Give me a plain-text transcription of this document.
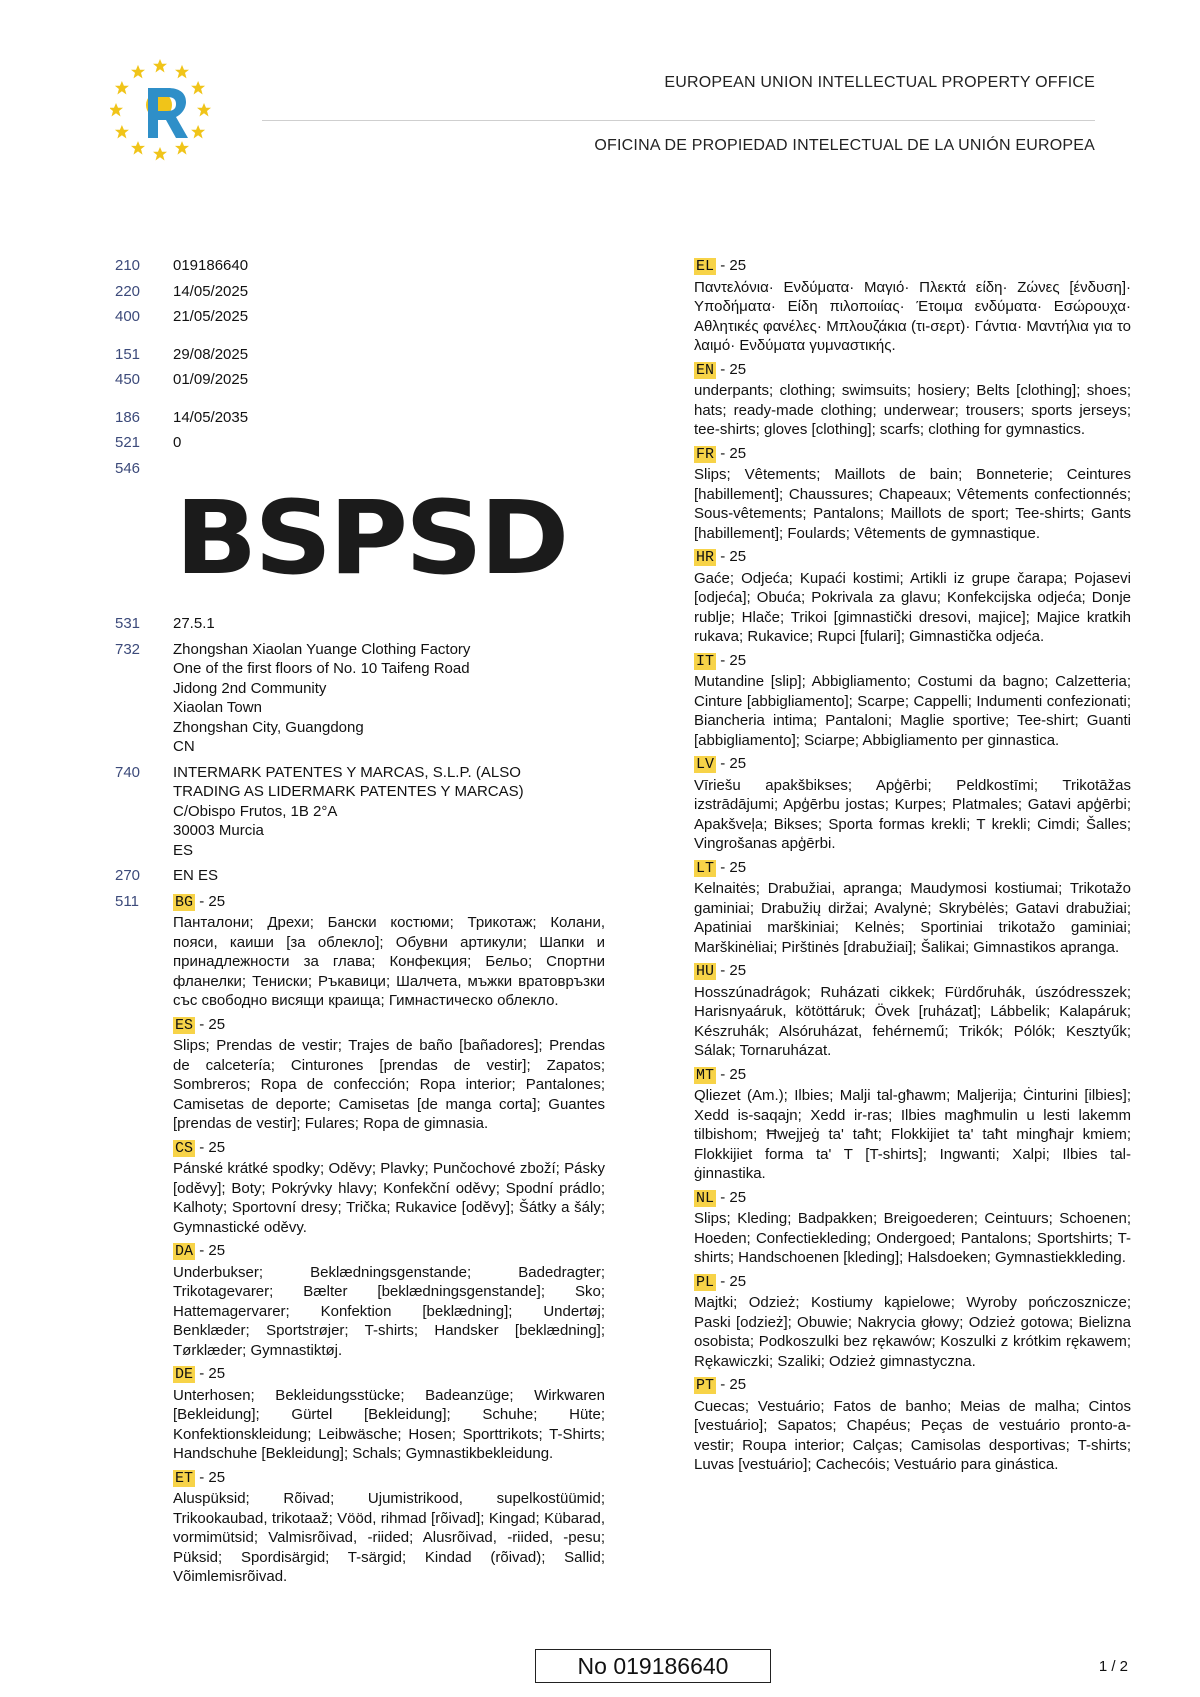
EUROPEAN UNION INTELLECTUAL PROPERTY OFFICE
OFICINA DE PROPIEDAD INTELECTUAL DE LA UNIÓN EUROPEA
210	019186640
220	14/05/2025
400	21/05/2025
151	29/08/2025
450	01/09/2025
186	14/05/2035
521	0
546
BSPSD
531	27.5.1
732	Zhongshan Xiaolan Yuange Clothing Factory
One of the first floors of No. 10 Taifeng Road
Jidong 2nd Community
Xiaolan Town
Zhongshan City, Guangdong
CN
740	INTERMARK PATENTES Y MARCAS, S.L.P. (ALSO
TRADING AS LIDERMARK PATENTES Y MARCAS)
C/Obispo Frutos, 1B 2°A
30003 Murcia
ES
270	EN ES
511	BG - 25
Панталони; Дрехи; Бански костюми; Трикотаж; Колани, пояси, каиши [за облекло]; Обувни артикули; Шапки и принадлежности за глава; Конфекция; Бельо; Спортни фланелки; Тениски; Ръкавици; Шалчета, мъжки вратовръзки със свободно висящи краища; Гимнастическо облекло.
ES - 25
Slips; Prendas de vestir; Trajes de baño [bañadores]; Prendas de calcetería; Cinturones [prendas de vestir]; Zapatos; Sombreros; Ropa de confección; Ropa interior; Pantalones; Camisetas de deporte; Camisetas [de manga corta]; Guantes [prendas de vestir]; Fulares; Ropa de gimnasia.
CS - 25
Pánské krátké spodky; Oděvy; Plavky; Punčochové zboží; Pásky [oděvy]; Boty; Pokrývky hlavy; Konfekční oděvy; Spodní prádlo; Kalhoty; Sportovní dresy; Trička; Rukavice [oděvy]; Šátky a šály; Gymnastické oděvy.
DA - 25
Underbukser; Beklædningsgenstande; Badedragter; Trikotagevarer; Bælter [beklædningsgenstande]; Sko; Hattemagervarer; Konfektion [beklædning]; Undertøj; Benklæder; Sportstrøjer; T-shirts; Handsker [beklædning]; Tørklæder; Gymnastiktøj.
DE - 25
Unterhosen; Bekleidungsstücke; Badeanzüge; Wirkwaren [Bekleidung]; Gürtel [Bekleidung]; Schuhe; Hüte; Konfektionskleidung; Leibwäsche; Hosen; Sporttrikots; T-Shirts; Handschuhe [Bekleidung]; Schals; Gymnastikbekleidung.
ET - 25
Aluspüksid; Rõivad; Ujumistrikood, supelkostüümid; Trikookaubad, trikotaaž; Vööd, rihmad [rõivad]; Kingad; Kübarad, vormimütsid; Valmisrõivad, -riided; Alusrõivad, -riided, -pesu; Püksid; Spordisärgid; T-särgid; Kindad (rõivad); Sallid; Võimlemisrõivad.
EL - 25
Παντελόνια· Ενδύματα· Μαγιό· Πλεκτά είδη· Ζώνες [ένδυση]· Υποδήματα· Είδη πιλοποιίας· Έτοιμα ενδύματα· Εσώρουχα· Αθλητικές φανέλες· Μπλουζάκια (τι-σερτ)· Γάντια· Μαντήλια για το λαιμό· Ενδύματα γυμναστικής.
EN - 25
underpants; clothing; swimsuits; hosiery; Belts [clothing]; shoes; hats; ready-made clothing; underwear; trousers; sports jerseys; tee-shirts; gloves [clothing]; scarfs; clothing for gymnastics.
FR - 25
Slips; Vêtements; Maillots de bain; Bonneterie; Ceintures [habillement]; Chaussures; Chapeaux; Vêtements confectionnés; Sous-vêtements; Pantalons; Maillots de sport; Tee-shirts; Gants [habillement]; Foulards; Vêtements de gymnastique.
HR - 25
Gaće; Odjeća; Kupaći kostimi; Artikli iz grupe čarapa; Pojasevi [odjeća]; Obuća; Pokrivala za glavu; Konfekcijska odjeća; Donje rublje; Hlače; Trikoi [gimnastički dresovi, majice]; Majice kratkih rukava; Rukavice; Rupci [fulari]; Gimnastička odjeća.
IT - 25
Mutandine [slip]; Abbigliamento; Costumi da bagno; Calzetteria; Cinture [abbigliamento]; Scarpe; Cappelli; Indumenti confezionati; Biancheria intima; Pantaloni; Maglie sportive; Tee-shirt; Guanti [abbigliamento]; Sciarpe; Abbigliamento per ginnastica.
LV - 25
Vīriešu apakšbikses; Apģērbi; Peldkostīmi; Trikotāžas izstrādājumi; Apģērbu jostas; Kurpes; Platmales; Gatavi apģērbi; Apakšveļa; Bikses; Sporta formas krekli; T krekli; Cimdi; Šalles; Vingrošanas apģērbi.
LT - 25
Kelnaitės; Drabužiai, apranga; Maudymosi kostiumai; Trikotažo gaminiai; Drabužių diržai; Avalynė; Skrybėlės; Gatavi drabužiai; Apatiniai marškiniai; Kelnės; Sportiniai trikotažo gaminiai; Marškinėliai; Pirštinės [drabužiai]; Šalikai; Gimnastikos apranga.
HU - 25
Hosszúnadrágok; Ruházati cikkek; Fürdőruhák, úszódresszek; Harisnyaáruk, kötöttáruk; Övek [ruházat]; Lábbelik; Kalapáruk; Készruhák; Alsóruházat, fehérnemű; Trikók; Pólók; Kesztyűk; Sálak; Tornaruházat.
MT - 25
Qliezet (Am.); Ilbies; Malji tal-għawm; Maljerija; Ċinturini [ilbies]; Xedd is-saqajn; Xedd ir-ras; Ilbies magħmulin u lesti lakemm tilbishom; Ħwejjeġ ta' taħt; Flokkijiet ta' taħt mingħajr kmiem; Flokkijiet forma ta' T [T-shirts]; Ingwanti; Xalpi; Ilbies tal-ġinnastika.
NL - 25
Slips; Kleding; Badpakken; Breigoederen; Ceintuurs; Schoenen; Hoeden; Confectiekleding; Ondergoed; Pantalons; Sportshirts; T-shirts; Handschoenen [kleding]; Halsdoeken; Gymnastiekkleding.
PL - 25
Majtki; Odzież; Kostiumy kąpielowe; Wyroby pończosznicze; Paski [odzież]; Obuwie; Nakrycia głowy; Odzież gotowa; Bielizna osobista; Podkoszulki bez rękawów; Koszulki z krótkim rękawem; Rękawiczki; Szaliki; Odzież gimnastyczna.
PT - 25
Cuecas; Vestuário; Fatos de banho; Meias de malha; Cintos [vestuário]; Sapatos; Chapéus; Peças de vestuário pronto-a-vestir; Roupa interior; Calças; Camisolas desportivas; T-shirts; Luvas [vestuário]; Cachecóis; Vestuário para ginástica.
No 019186640	1 / 2
